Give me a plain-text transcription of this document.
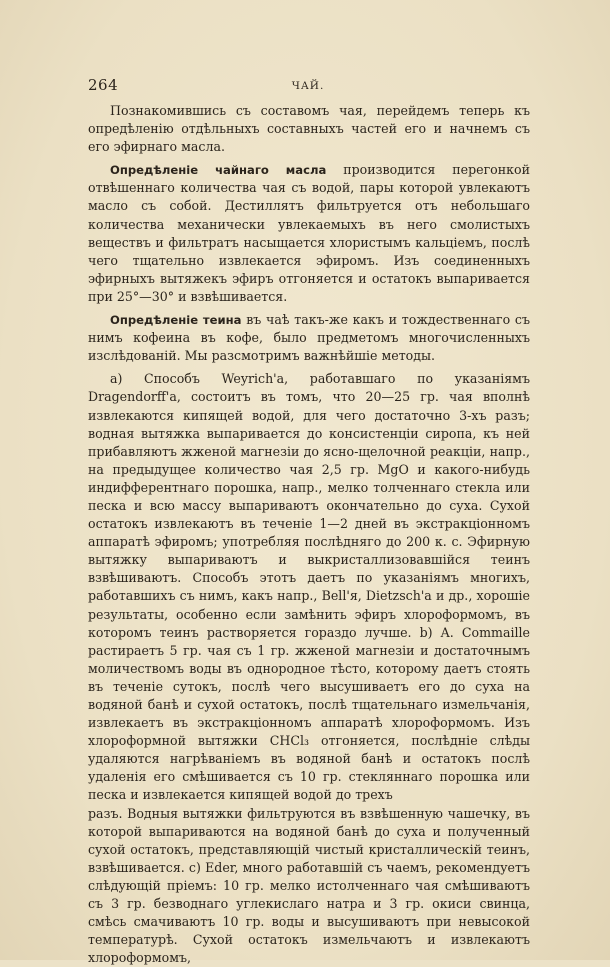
264	ЧАЙ.

Познакомившись съ составомъ чая, перейдемъ теперь къ опредѣленію отдѣльныхъ составныхъ частей его и начнемъ съ его эфирнаго масла.

Опредѣленіе чайнаго масла производится перегонкой отвѣшеннаго количества чая съ водой, пары которой увлекаютъ масло съ собой. Дестиллятъ фильтруется отъ небольшаго количества механически увлекаемыхъ въ него смолистыхъ веществъ и фильтратъ насыщается хлористымъ кальціемъ, послѣ чего тщательно извлекается эфиромъ. Изъ соединенныхъ эфирныхъ вытяжекъ эфиръ отгоняется и остатокъ выпаривается при 25°—30° и взвѣшивается.

Опредѣленіе теина въ чаѣ такъ-же какъ и тождественнаго съ нимъ кофеина въ кофе, было предметомъ многочисленныхъ изслѣдованій. Мы разсмотримъ важнѣйшіе методы.

а) Способъ Weyrich'а, работавшаго по указаніямъ Dragendorff'а, состоитъ въ томъ, что 20—25 гр. чая вполнѣ извлекаются кипящей водой, для чего достаточно 3-хъ разъ; водная вытяжка выпаривается до консистенціи сиропа, къ ней прибавляютъ жженой магнезіи до ясно-щелочной реакціи, напр., на предыдущее количество чая 2,5 гр. MgO и какого-нибудь индифферентнаго порошка, напр., мелко толченнаго стекла или песка и всю массу выпариваютъ окончательно до суха. Сухой остатокъ извлекаютъ въ теченіе 1—2 дней въ экстракціонномъ аппаратѣ эфиромъ; употребляя послѣдняго до 200 к. с. Эфирную вытяжку выпариваютъ и выкристаллизовавшійся теинъ взвѣшиваютъ. Способъ этотъ даетъ по указаніямъ многихъ, работавшихъ съ нимъ, какъ напр., Bell'я, Dietzsch'а и др., хорошіе результаты, особенно если замѣнить эфиръ хлороформомъ, въ которомъ теинъ растворяется гораздо лучше. b) A. Commaille растираетъ 5 гр. чая съ 1 гр. жженой магнезіи и достаточнымъ моличествомъ воды въ однородное тѣсто, которому даетъ стоять въ теченіе сутокъ, послѣ чего высушиваетъ его до суха на водяной банѣ и сухой остатокъ, послѣ тщательнаго измельчанія, извлекаетъ въ экстракціонномъ аппаратѣ хлороформомъ. Изъ хлороформной вытяжки CHCl₃ отгоняется, послѣдніе слѣды удаляются нагрѣваніемъ въ водяной банѣ и остатокъ послѣ удаленія его смѣшивается съ 10 гр. стекляннаго порошка или песка и извлекается кипящей водой до трехъ

разъ. Водныя вытяжки фильтруются въ взвѣшенную чашечку, въ которой выпариваются на водяной банѣ до суха и полученный сухой остатокъ, представляющій чистый кристаллическій теинъ, взвѣшивается. c) Eder, много работавшій съ чаемъ, рекомендуетъ слѣдующій пріемъ: 10 гр. мелко истолченнаго чая смѣшиваютъ съ 3 гр. безводнаго углекислаго натра и 3 гр. окиси свинца, смѣсь смачиваютъ 10 гр. воды и высушиваютъ при невысокой температурѣ. Сухой остатокъ измельчаютъ и извлекаютъ хлороформомъ,
